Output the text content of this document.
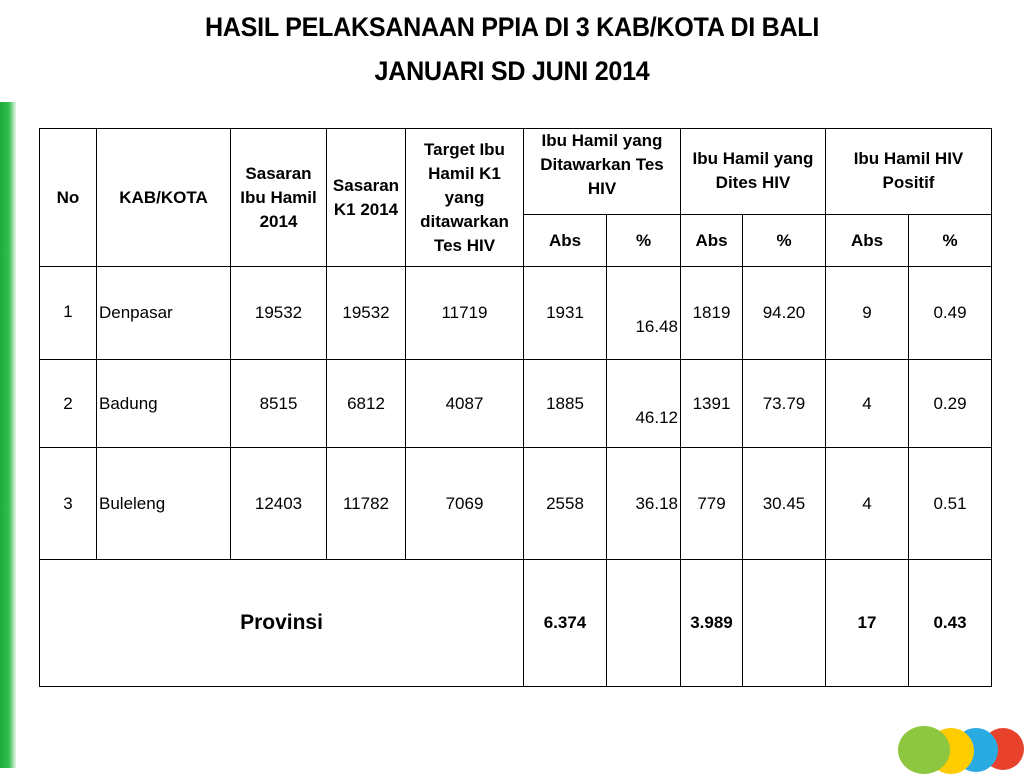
HASIL PELAKSANAAN PPIA DI 3 KAB/KOTA DI BALI
JANUARI SD JUNI 2014
No	KAB/KOTA	Sasaran Ibu Hamil 2014	Sasaran K1 2014	Target Ibu Hamil K1 yang ditawarkan Tes HIV	Ibu Hamil yang Ditawarkan Tes HIV		Ibu Hamil yang Dites HIV		Ibu Hamil HIV Positif	
					Abs	%	Abs	%	Abs	%
1	Denpasar	19532	19532	11719	1931	16.48	1819	94.20	9	0.49
2	Badung	8515	6812	4087	1885	46.12	1391	73.79	4	0.29
3	Buleleng	12403	11782	7069	2558	36.18	779	30.45	4	0.51
Provinsi					6.374		3.989		17	0.43
